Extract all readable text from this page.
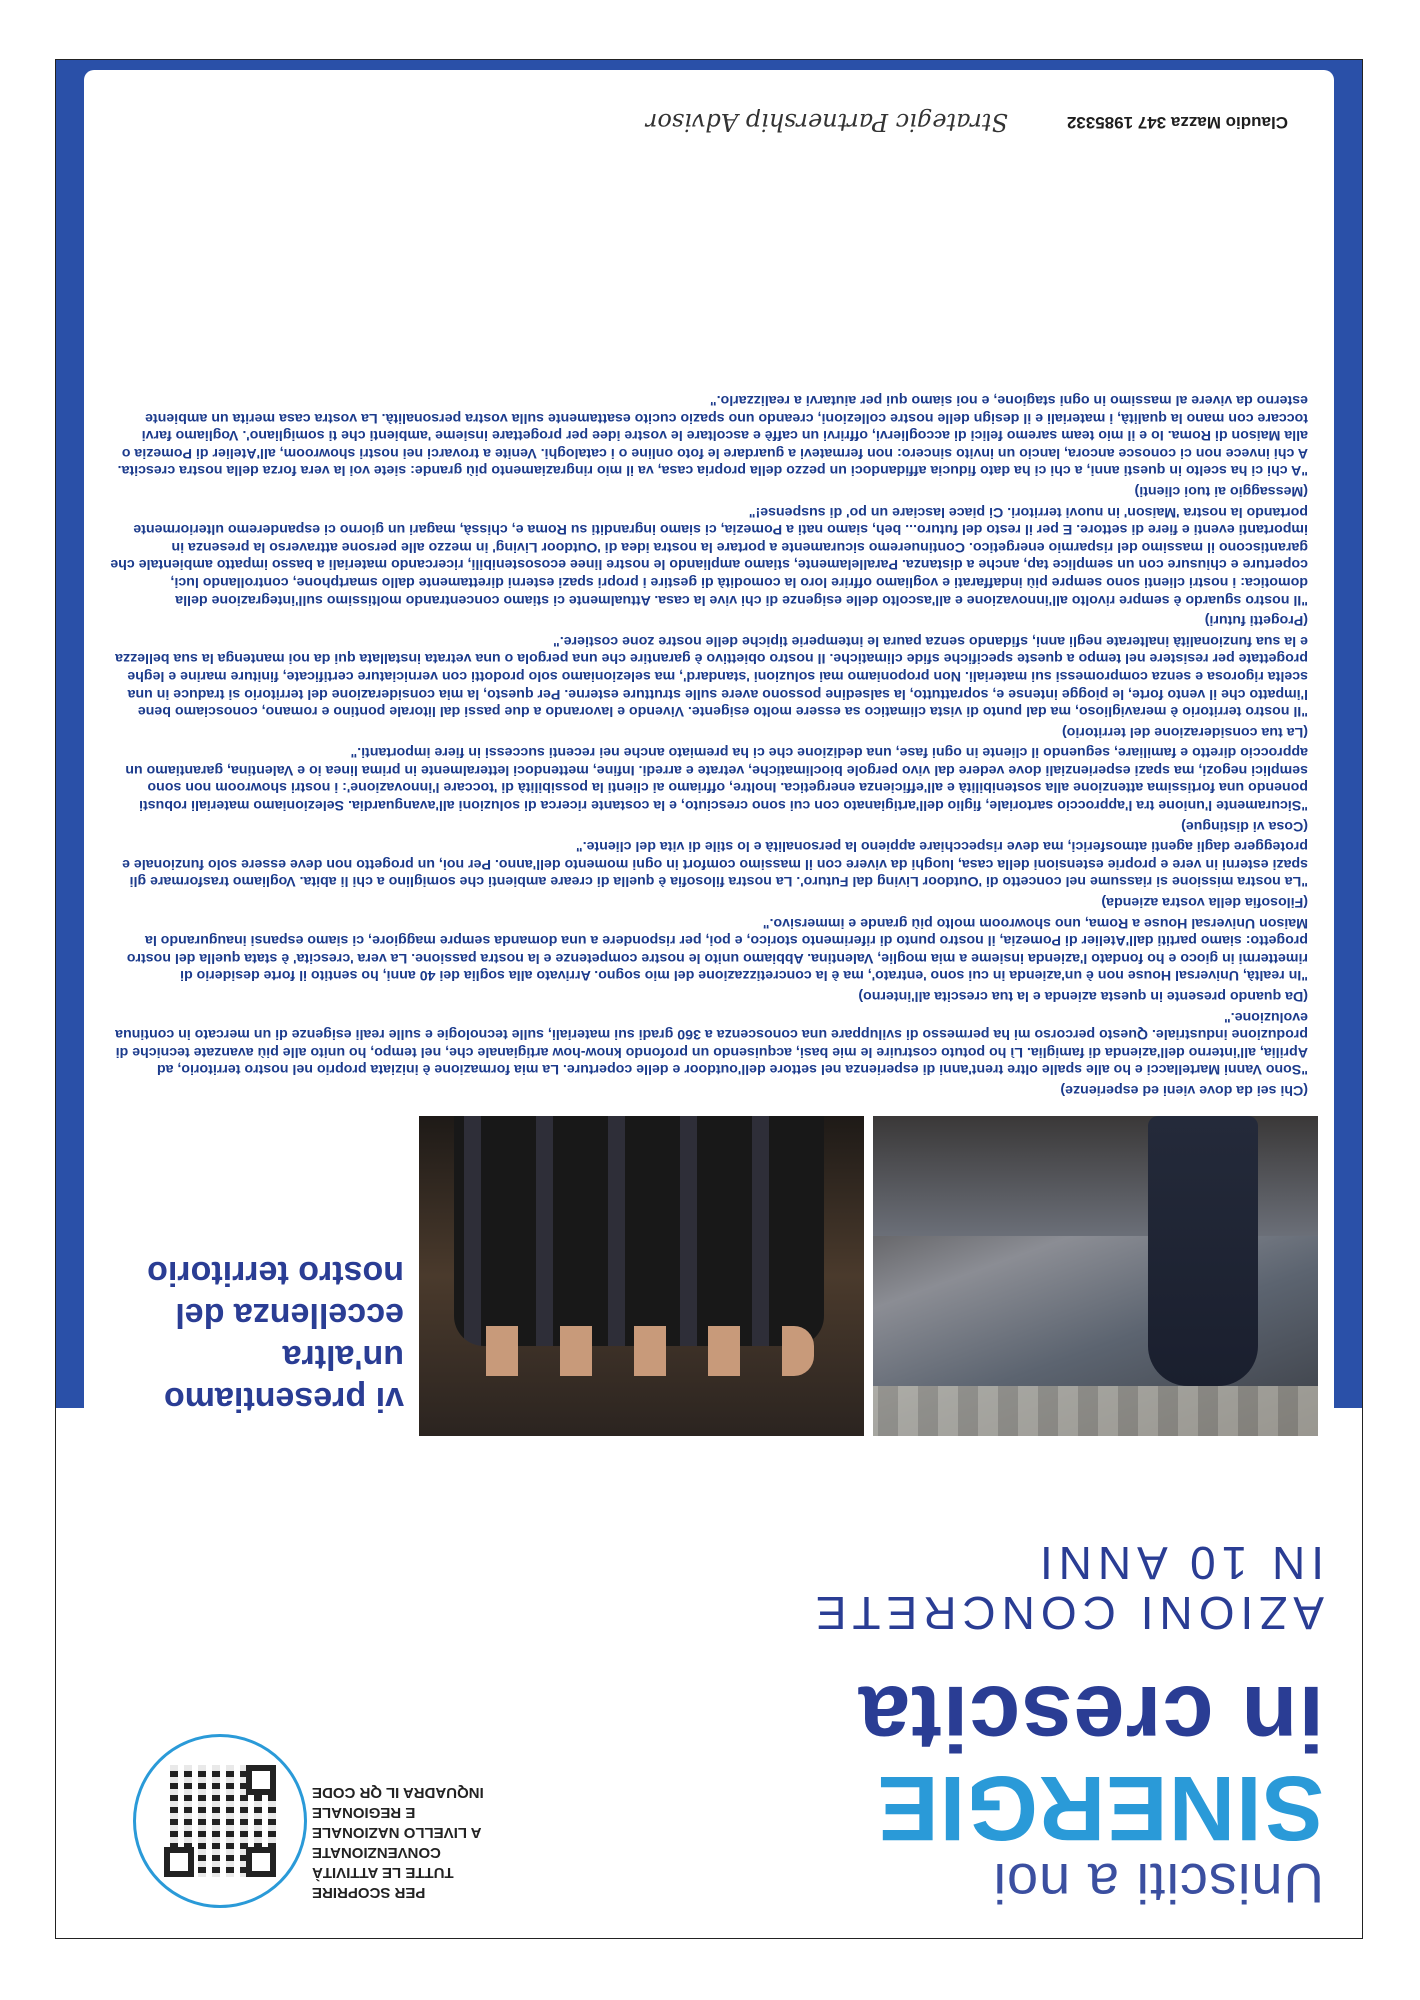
Unisciti a noi
SINERGIE
in crescita
PER SCOPRIRE
TUTTE LE ATTIVITÀ
CONVENZIONATE
A LIVELLO NAZIONALE
E REGIONALE
INQUADRA IL QR CODE
AZIONI CONCRETE
IN 10 ANNI
vi presentiamo
un'altra
eccellenza del
nostro territorio

(Chi sei da dove vieni ed esperienze)

"Sono Vanni Martellacci e ho alle spalle oltre trent'anni di esperienza nel settore dell'outdoor e delle coperture. La mia formazione è iniziata proprio nel nostro territorio, ad Aprilia, all'interno dell'azienda di famiglia. Lì ho potuto costruire le mie basi, acquisendo un profondo know-how artigianale che, nel tempo, ho unito alle più avanzate tecniche di produzione industriale. Questo percorso mi ha permesso di sviluppare una conoscenza a 360 gradi sui materiali, sulle tecnologie e sulle reali esigenze di un mercato in continua evoluzione."

(Da quando presente in questa azienda e la tua crescita all'interno)

"In realtà, Universal House non è un'azienda in cui sono 'entrato', ma è la concretizzazione del mio sogno. Arrivato alla soglia dei 40 anni, ho sentito il forte desiderio di rimettermi in gioco e ho fondato l'azienda insieme a mia moglie, Valentina. Abbiamo unito le nostre competenze e la nostra passione. La vera 'crescita' è stata quella del nostro progetto: siamo partiti dall'Atelier di Pomezia, il nostro punto di riferimento storico, e poi, per rispondere a una domanda sempre maggiore, ci siamo espansi inaugurando la Maison Universal House a Roma, uno showroom molto più grande e immersivo."

(Filosofia della vostra azienda)

"La nostra missione si riassume nel concetto di 'Outdoor Living dal Futuro'. La nostra filosofia è quella di creare ambienti che somiglino a chi li abita. Vogliamo trasformare gli spazi esterni in vere e proprie estensioni della casa, luoghi da vivere con il massimo comfort in ogni momento dell'anno. Per noi, un progetto non deve essere solo funzionale e proteggere dagli agenti atmosferici, ma deve rispecchiare appieno la personalità e lo stile di vita del cliente."

(Cosa vi distingue)

"Sicuramente l'unione tra l'approccio sartoriale, figlio dell'artigianato con cui sono cresciuto, e la costante ricerca di soluzioni all'avanguardia. Selezioniamo materiali robusti ponendo una fortissima attenzione alla sostenibilità e all'efficienza energetica. Inoltre, offriamo ai clienti la possibilità di 'toccare l'innovazione': i nostri showroom non sono semplici negozi, ma spazi esperienziali dove vedere dal vivo pergole bioclimatiche, vetrate e arredi. Infine, mettendoci letteralmente in prima linea io e Valentina, garantiamo un approccio diretto e familiare, seguendo il cliente in ogni fase, una dedizione che ci ha premiato anche nei recenti successi in fiere importanti."

(La tua considerazione del territorio)

"Il nostro territorio è meraviglioso, ma dal punto di vista climatico sa essere molto esigente. Vivendo e lavorando a due passi dal litorale pontino e romano, conosciamo bene l'impatto che il vento forte, le piogge intense e, soprattutto, la salsedine possono avere sulle strutture esterne. Per questo, la mia considerazione del territorio si traduce in una scelta rigorosa e senza compromessi sui materiali. Non proponiamo mai soluzioni 'standard', ma selezioniamo solo prodotti con verniciature certificate, finiture marine e leghe progettate per resistere nel tempo a queste specifiche sfide climatiche. Il nostro obiettivo è garantire che una pergola o una vetrata installata qui da noi mantenga la sua bellezza e la sua funzionalità inalterate negli anni, sfidando senza paura le intemperie tipiche delle nostre zone costiere."

(Progetti futuri)

"Il nostro sguardo è sempre rivolto all'innovazione e all'ascolto delle esigenze di chi vive la casa. Attualmente ci stiamo concentrando moltissimo sull'integrazione della domotica: i nostri clienti sono sempre più indaffarati e vogliamo offrire loro la comodità di gestire i propri spazi esterni direttamente dallo smartphone, controllando luci, coperture e chiusure con un semplice tap, anche a distanza. Parallelamente, stiamo ampliando le nostre linee ecosostenibili, ricercando materiali a basso impatto ambientale che garantiscono il massimo del risparmio energetico. Continueremo sicuramente a portare la nostra idea di 'Outdoor Living' in mezzo alle persone attraverso la presenza in importanti eventi e fiere di settore. E per il resto del futuro... beh, siamo nati a Pomezia, ci siamo ingranditi su Roma e, chissà, magari un giorno ci espanderemo ulteriormente portando la nostra 'Maison' in nuovi territori. Ci piace lasciare un po' di suspense!"

(Messaggio ai tuoi clienti)

"A chi ci ha scelto in questi anni, a chi ci ha dato fiducia affidandoci un pezzo della propria casa, va il mio ringraziamento più grande: siete voi la vera forza della nostra crescita. A chi invece non ci conosce ancora, lancio un invito sincero: non fermatevi a guardare le foto online o i cataloghi. Venite a trovarci nei nostri showroom, all'Atelier di Pomezia o alla Maison di Roma. Io e il mio team saremo felici di accogliervi, offrirvi un caffè e ascoltare le vostre idee per progettare insieme 'ambienti che ti somigliano'. Vogliamo farvi toccare con mano la qualità, i materiali e il design delle nostre collezioni, creando uno spazio cucito esattamente sulla vostra personalità. La vostra casa merita un ambiente esterno da vivere al massimo in ogni stagione, e noi siamo qui per aiutarvi a realizzarlo."

Claudio Mazza 347 1985332
Strategic Partnership Advisor
